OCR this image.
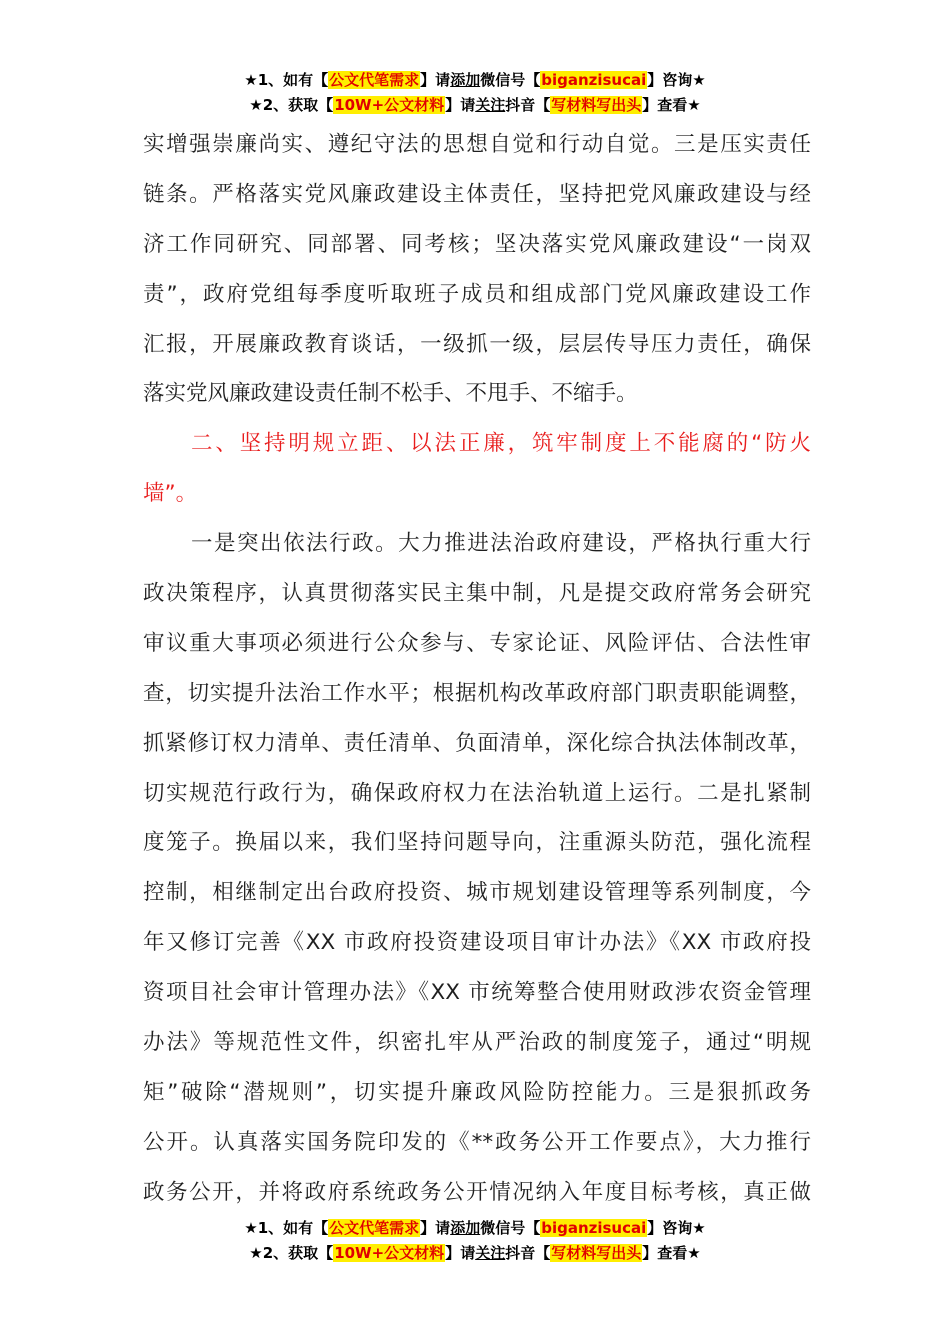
★1、如有【公文代笔需求】请添加微信号【biganzisucai】咨询★
★2、获取【10W+公文材料】请关注抖音【写材料写出头】查看★
实增强崇廉尚实、遵纪守法的思想自觉和行动自觉。三是压实责任
链条。严格落实党风廉政建设主体责任，坚持把党风廉政建设与经
济工作同研究、同部署、同考核；坚决落实党风廉政建设“一岗双
责”，政府党组每季度听取班子成员和组成部门党风廉政建设工作
汇报，开展廉政教育谈话，一级抓一级，层层传导压力责任，确保
落实党风廉政建设责任制不松手、不甩手、不缩手。
二、坚持明规立距、以法正廉，筑牢制度上不能腐的“防火
墙”。
一是突出依法行政。大力推进法治政府建设，严格执行重大行
政决策程序，认真贯彻落实民主集中制，凡是提交政府常务会研究
审议重大事项必须进行公众参与、专家论证、风险评估、合法性审
查，切实提升法治工作水平；根据机构改革政府部门职责职能调整，
抓紧修订权力清单、责任清单、负面清单，深化综合执法体制改革，
切实规范行政行为，确保政府权力在法治轨道上运行。二是扎紧制
度笼子。换届以来，我们坚持问题导向，注重源头防范，强化流程
控制，相继制定出台政府投资、城市规划建设管理等系列制度，今
年又修订完善《XX 市政府投资建设项目审计办法》《XX 市政府投
资项目社会审计管理办法》《XX 市统筹整合使用财政涉农资金管理
办法》等规范性文件，织密扎牢从严治政的制度笼子，通过“明规
矩”破除“潜规则”，切实提升廉政风险防控能力。三是狠抓政务
公开。认真落实国务院印发的《**政务公开工作要点》，大力推行
政务公开，并将政府系统政务公开情况纳入年度目标考核，真正做
★1、如有【公文代笔需求】请添加微信号【biganzisucai】咨询★
★2、获取【10W+公文材料】请关注抖音【写材料写出头】查看★
